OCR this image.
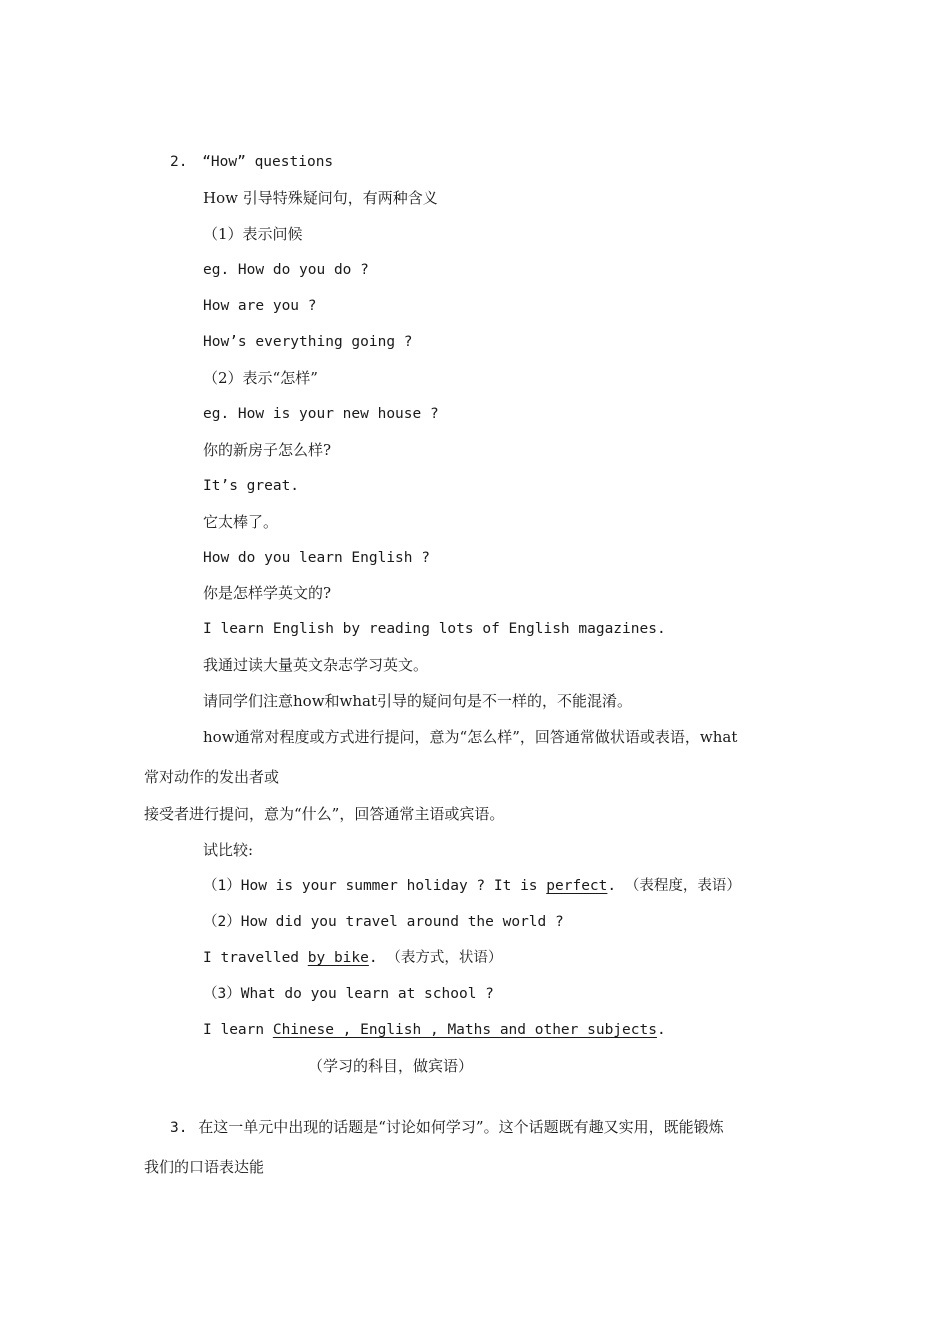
2. “How” questions
How 引导特殊疑问句，有两种含义
（1）表示问候
eg. How do you do ?
How are you ?
How’s everything going ?
（2）表示“怎样”
eg. How is your new house ?
你的新房子怎么样?
It’s great.
它太棒了。
How do you learn English ?
你是怎样学英文的?
I learn English by reading lots of English magazines.
我通过读大量英文杂志学习英文。
请同学们注意how和what引导的疑问句是不一样的，不能混淆。
how通常对程度或方式进行提问，意为“怎么样”，回答通常做状语或表语，what
常对动作的发出者或
接受者进行提问，意为“什么”，回答通常主语或宾语。
试比较:
（1）How is your summer holiday ? It is perfect. （表程度，表语）
（2）How did you travel around the world ?
I travelled by bike. （表方式，状语）
（3）What do you learn at school ?
I learn Chinese , English , Maths and other subjects.
（学习的科目，做宾语）
3. 在这一单元中出现的话题是“讨论如何学习”。这个话题既有趣又实用，既能锻炼
我们的口语表达能
